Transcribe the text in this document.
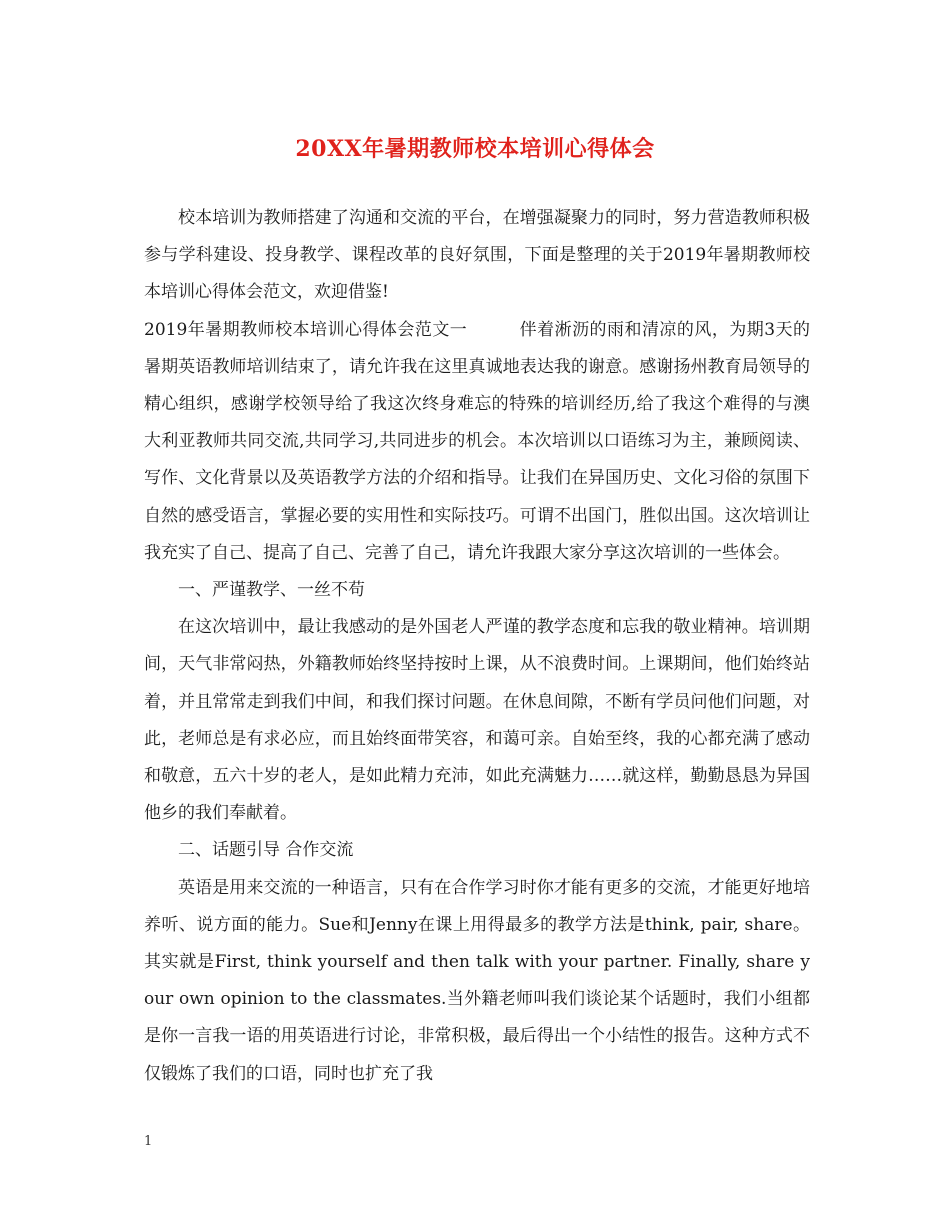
20XX年暑期教师校本培训心得体会

校本培训为教师搭建了沟通和交流的平台，在增强凝聚力的同时，努力营造教师积极参与学科建设、投身教学、课程改革的良好氛围，下面是整理的关于2019年暑期教师校本培训心得体会范文，欢迎借鉴!

2019年暑期教师校本培训心得体会范文一　　　伴着淅沥的雨和清凉的风，为期3天的暑期英语教师培训结束了，请允许我在这里真诚地表达我的谢意。感谢扬州教育局领导的精心组织，感谢学校领导给了我这次终身难忘的特殊的培训经历,给了我这个难得的与澳大利亚教师共同交流,共同学习,共同进步的机会。本次培训以口语练习为主，兼顾阅读、写作、文化背景以及英语教学方法的介绍和指导。让我们在异国历史、文化习俗的氛围下自然的感受语言，掌握必要的实用性和实际技巧。可谓不出国门，胜似出国。这次培训让我充实了自己、提高了自己、完善了自己，请允许我跟大家分享这次培训的一些体会。

一、严谨教学、一丝不苟

在这次培训中，最让我感动的是外国老人严谨的教学态度和忘我的敬业精神。培训期间，天气非常闷热，外籍教师始终坚持按时上课，从不浪费时间。上课期间，他们始终站着，并且常常走到我们中间，和我们探讨问题。在休息间隙，不断有学员问他们问题，对此，老师总是有求必应，而且始终面带笑容，和蔼可亲。自始至终，我的心都充满了感动和敬意，五六十岁的老人，是如此精力充沛，如此充满魅力……就这样，勤勤恳恳为异国他乡的我们奉献着。

二、话题引导 合作交流

英语是用来交流的一种语言，只有在合作学习时你才能有更多的交流，才能更好地培养听、说方面的能力。Sue和Jenny在课上用得最多的教学方法是think, pair, share。其实就是First, think yourself and then talk with your partner. Finally, share your own opinion to the classmates.当外籍老师叫我们谈论某个话题时，我们小组都是你一言我一语的用英语进行讨论，非常积极，最后得出一个小结性的报告。这种方式不仅锻炼了我们的口语，同时也扩充了我

1
